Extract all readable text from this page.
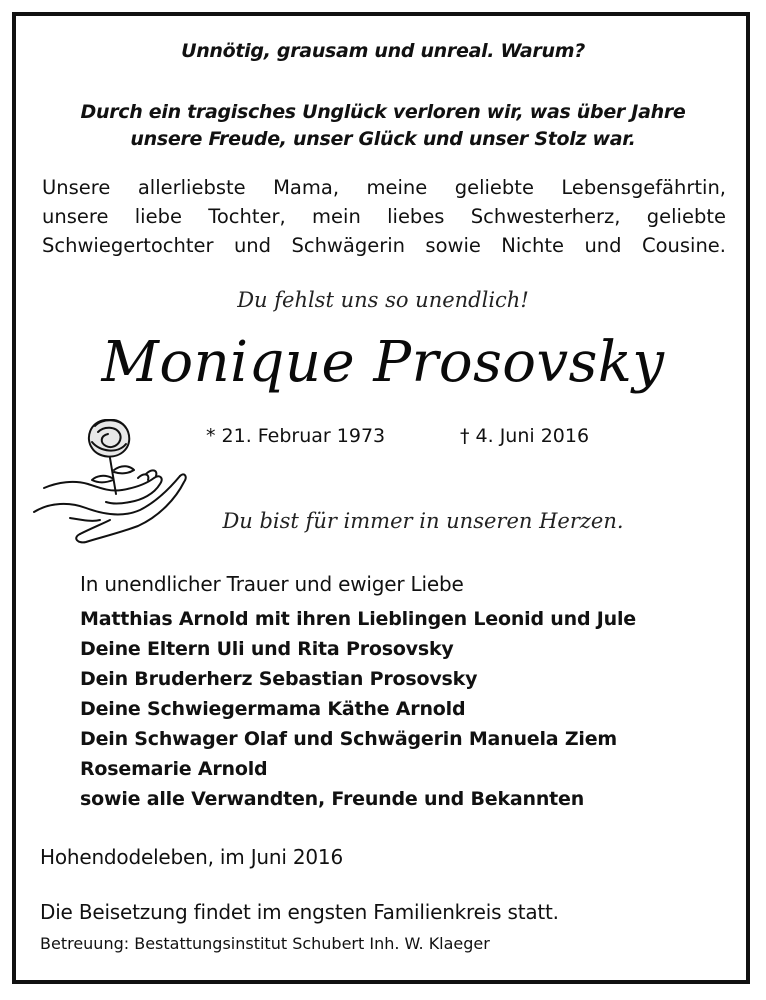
Unnötig, grausam und unreal. Warum?
Durch ein tragisches Unglück verloren wir, was über Jahre
unsere Freude, unser Glück und unser Stolz war.
Unsere allerliebste Mama, meine geliebte Lebensgefährtin,
unsere liebe Tochter, mein liebes Schwesterherz, geliebte
Schwiegertochter und Schwägerin sowie Nichte und Cousine.
Du fehlst uns so unendlich!
Monique Prosovsky
* 21. Februar 1973	† 4. Juni 2016
Du bist für immer in unseren Herzen.
In unendlicher Trauer und ewiger Liebe
Matthias Arnold mit ihren Lieblingen Leonid und Jule
Deine Eltern Uli und Rita Prosovsky
Dein Bruderherz Sebastian Prosovsky
Deine Schwiegermama Käthe Arnold
Dein Schwager Olaf und Schwägerin Manuela Ziem
Rosemarie Arnold
sowie alle Verwandten, Freunde und Bekannten
Hohendodeleben, im Juni 2016
Die Beisetzung findet im engsten Familienkreis statt.
Betreuung: Bestattungsinstitut Schubert Inh. W. Klaeger
